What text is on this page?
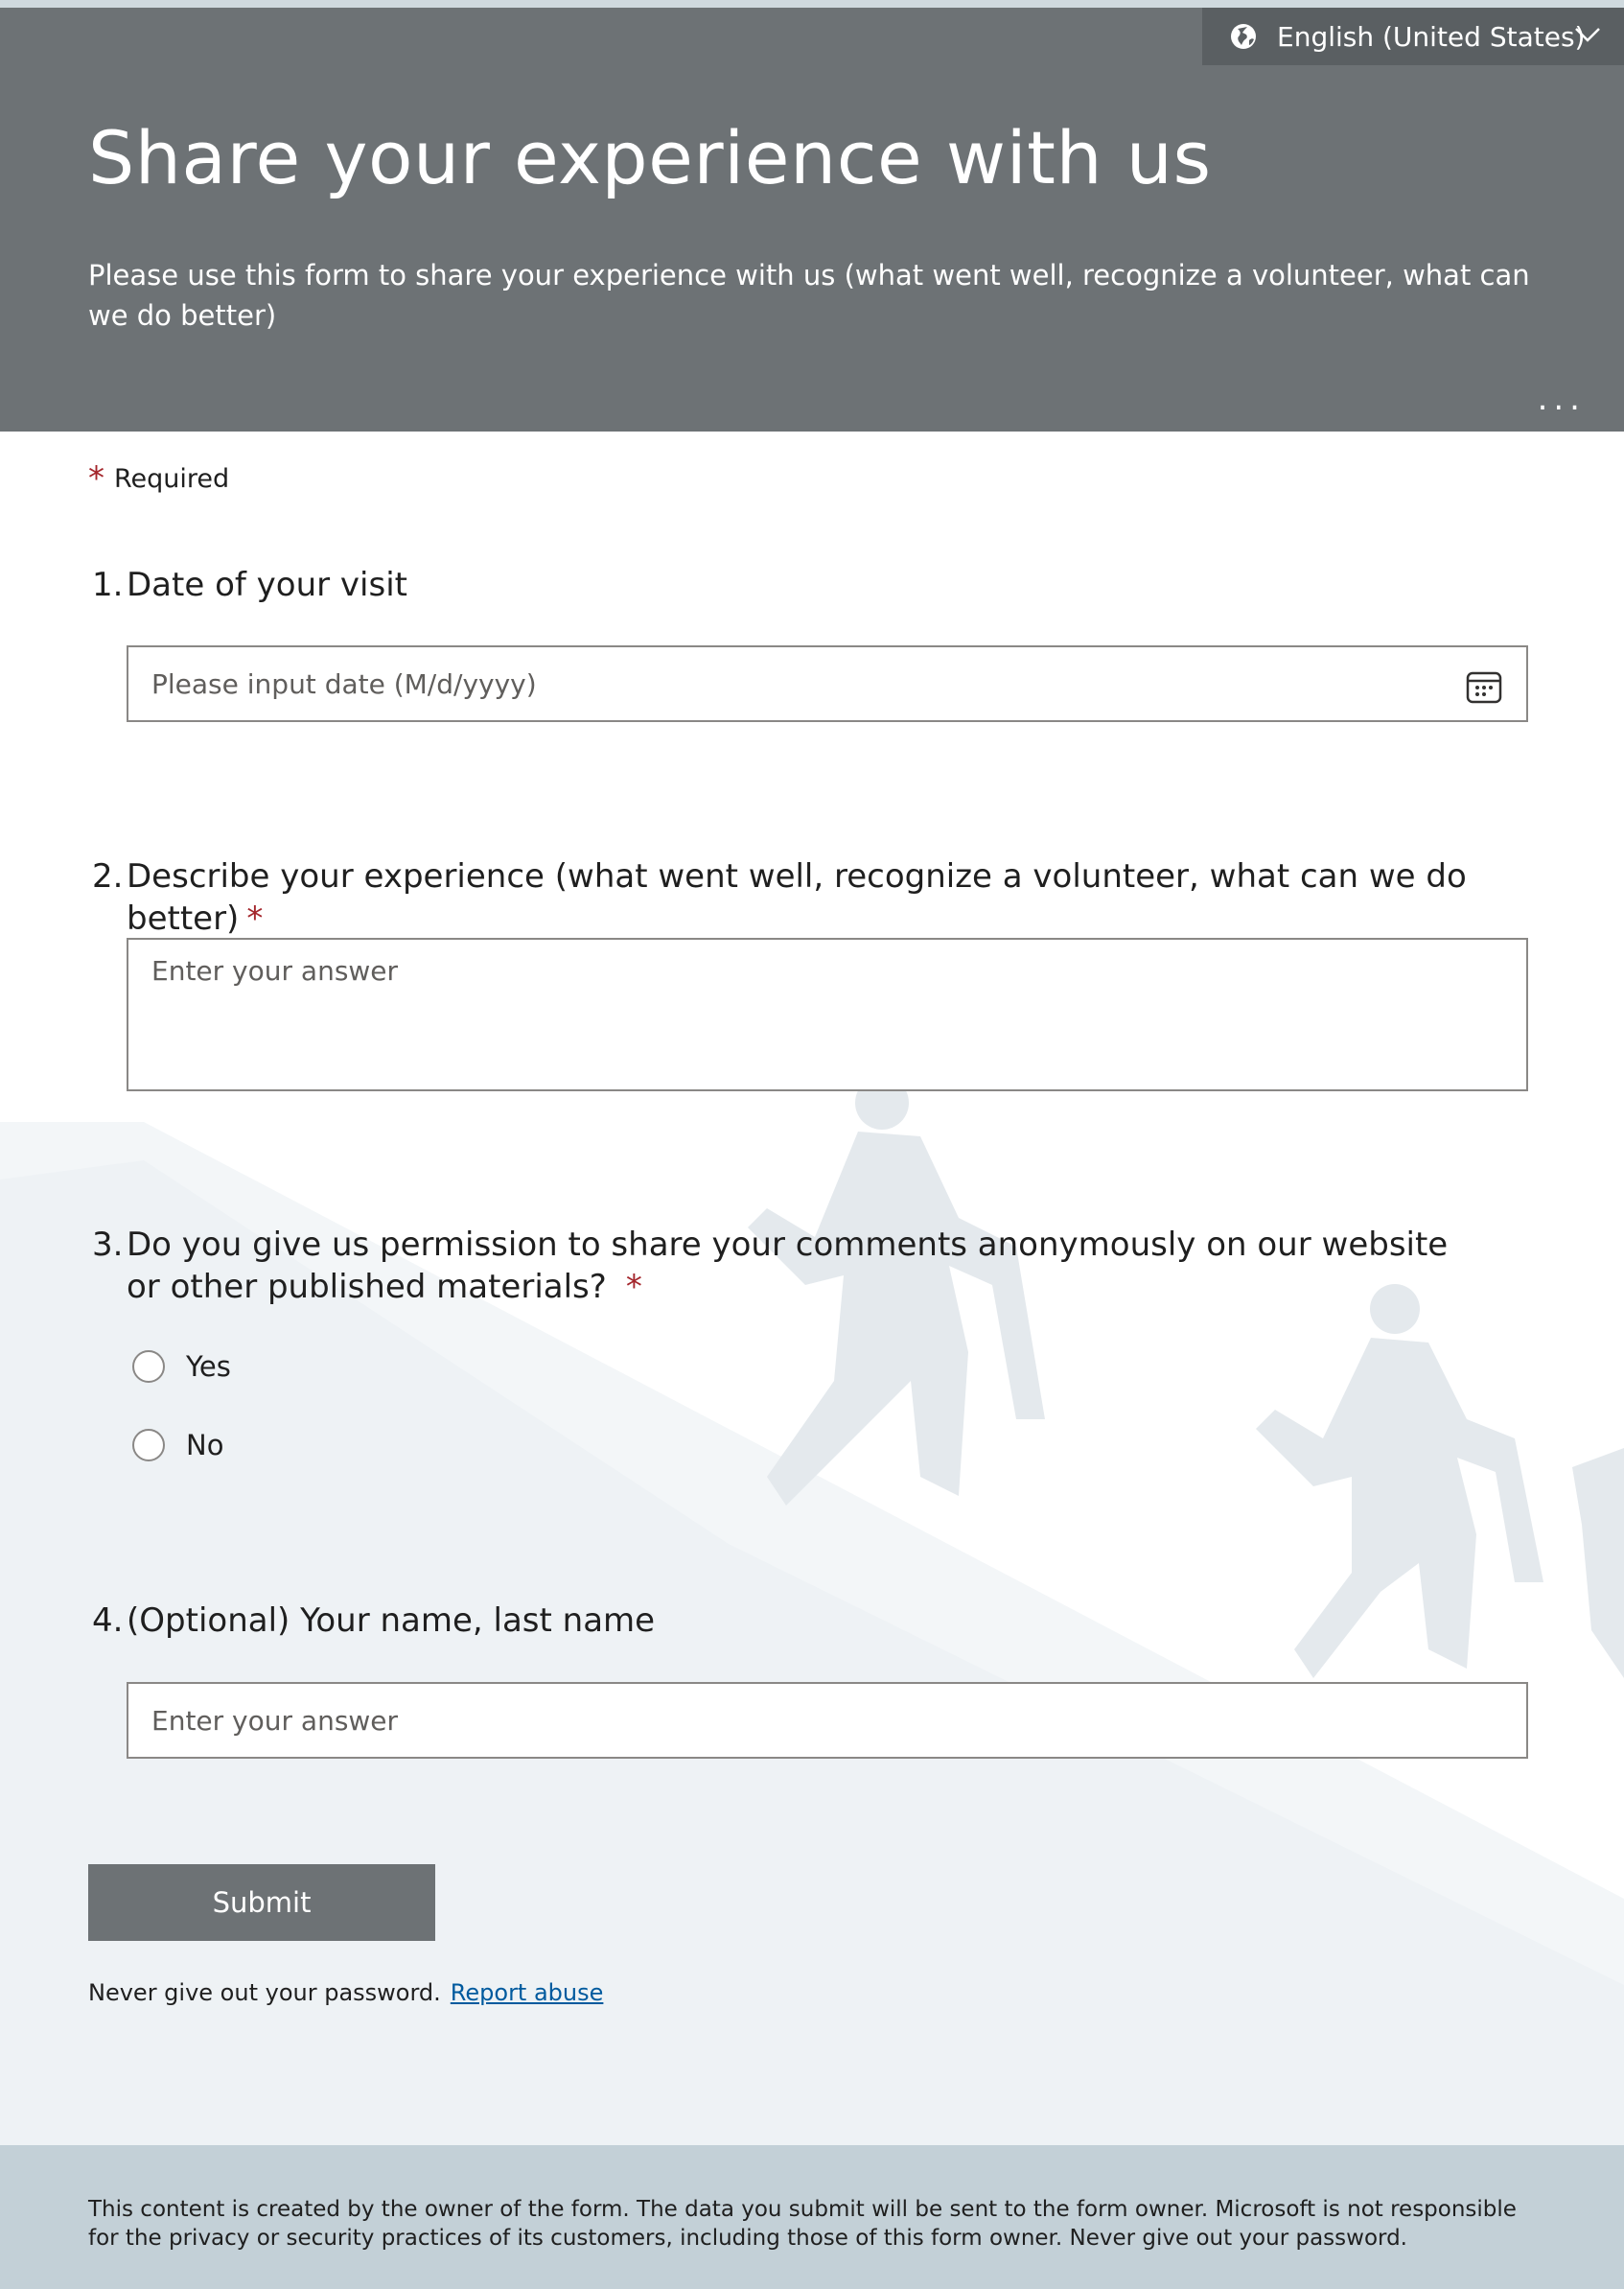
English (United States)
Share your experience with us

Please use this form to share your experience with us (what went well, recognize a volunteer, what can we do better)

...
* Required
1. Date of your visit
Please input date (M/d/yyyy)
2. Describe your experience (what went well, recognize a volunteer, what can we do better) *
Enter your answer
3. Do you give us permission to share your comments anonymously on our website or other published materials? *
Yes
No
4. (Optional) Your name, last name
Enter your answer
Submit
Never give out your password. Report abuse

This content is created by the owner of the form. The data you submit will be sent to the form owner. Microsoft is not responsible for the privacy or security practices of its customers, including those of this form owner. Never give out your password.
